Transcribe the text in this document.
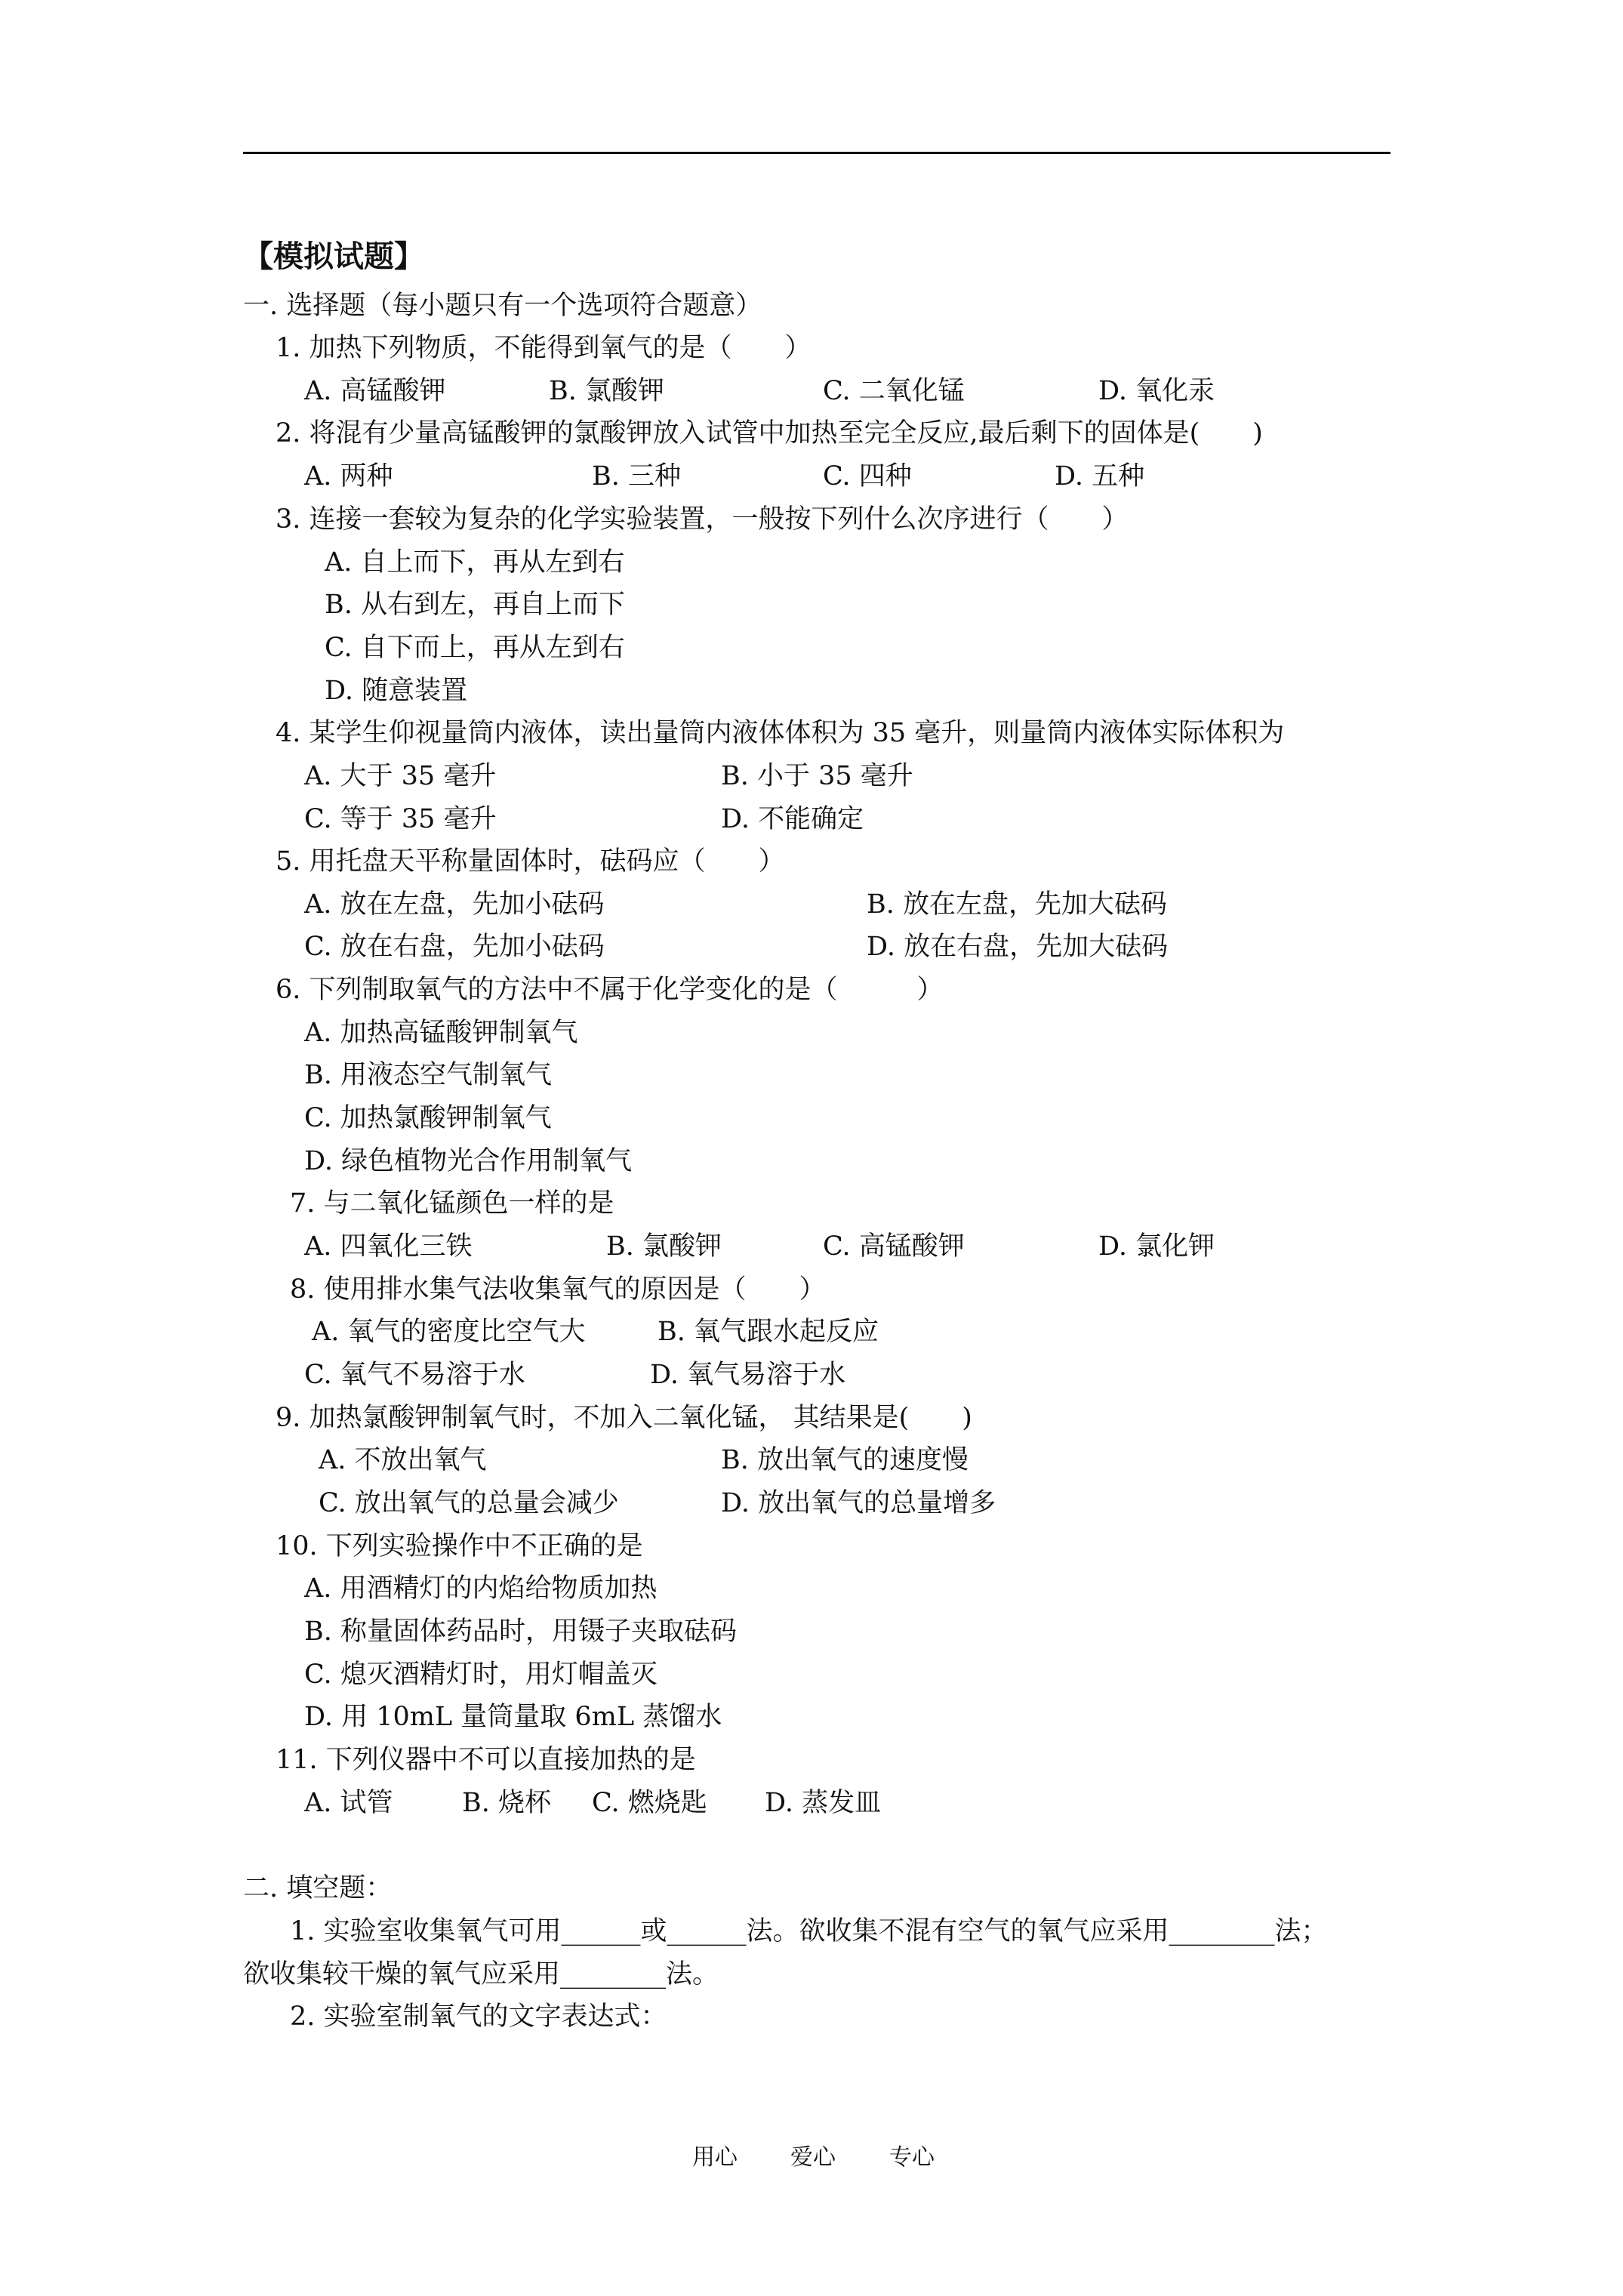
【模拟试题】
一. 选择题（每小题只有一个选项符合题意）
1. 加热下列物质，不能得到氧气的是（　　）
A. 高锰酸钾	B. 氯酸钾	C. 二氧化锰	D. 氧化汞
2. 将混有少量高锰酸钾的氯酸钾放入试管中加热至完全反应,最后剩下的固体是(　　)
A. 两种	B. 三种	C. 四种	D. 五种
3. 连接一套较为复杂的化学实验装置，一般按下列什么次序进行（　　）
A. 自上而下，再从左到右
B. 从右到左，再自上而下
C. 自下而上，再从左到右
D. 随意装置
4. 某学生仰视量筒内液体，读出量筒内液体体积为 35 毫升，则量筒内液体实际体积为
A. 大于 35 毫升	B. 小于 35 毫升
C. 等于 35 毫升	D. 不能确定
5. 用托盘天平称量固体时，砝码应（　　）
A. 放在左盘，先加小砝码	B. 放在左盘，先加大砝码
C. 放在右盘，先加小砝码	D. 放在右盘，先加大砝码
6. 下列制取氧气的方法中不属于化学变化的是（　　　）
A. 加热高锰酸钾制氧气
B. 用液态空气制氧气
C. 加热氯酸钾制氧气
D. 绿色植物光合作用制氧气
7. 与二氧化锰颜色一样的是
A. 四氧化三铁	B. 氯酸钾	C. 高锰酸钾	D. 氯化钾
8. 使用排水集气法收集氧气的原因是（　　）
A. 氧气的密度比空气大	B. 氧气跟水起反应
C. 氧气不易溶于水	D. 氧气易溶于水
9. 加热氯酸钾制氧气时，不加入二氧化锰， 其结果是(　　)
A. 不放出氧气	B. 放出氧气的速度慢
C. 放出氧气的总量会减少	D. 放出氧气的总量增多
10. 下列实验操作中不正确的是
A. 用酒精灯的内焰给物质加热
B. 称量固体药品时，用镊子夹取砝码
C. 熄灭酒精灯时，用灯帽盖灭
D. 用 10mL 量筒量取 6mL 蒸馏水
11. 下列仪器中不可以直接加热的是
A. 试管	B. 烧杯 C. 燃烧匙 D. 蒸发皿
二. 填空题：
1. 实验室收集氧气可用______或______法。欲收集不混有空气的氧气应采用________法；
欲收集较干燥的氧气应采用________法。
2. 实验室制氧气的文字表达式：
用心 爱心 专心
